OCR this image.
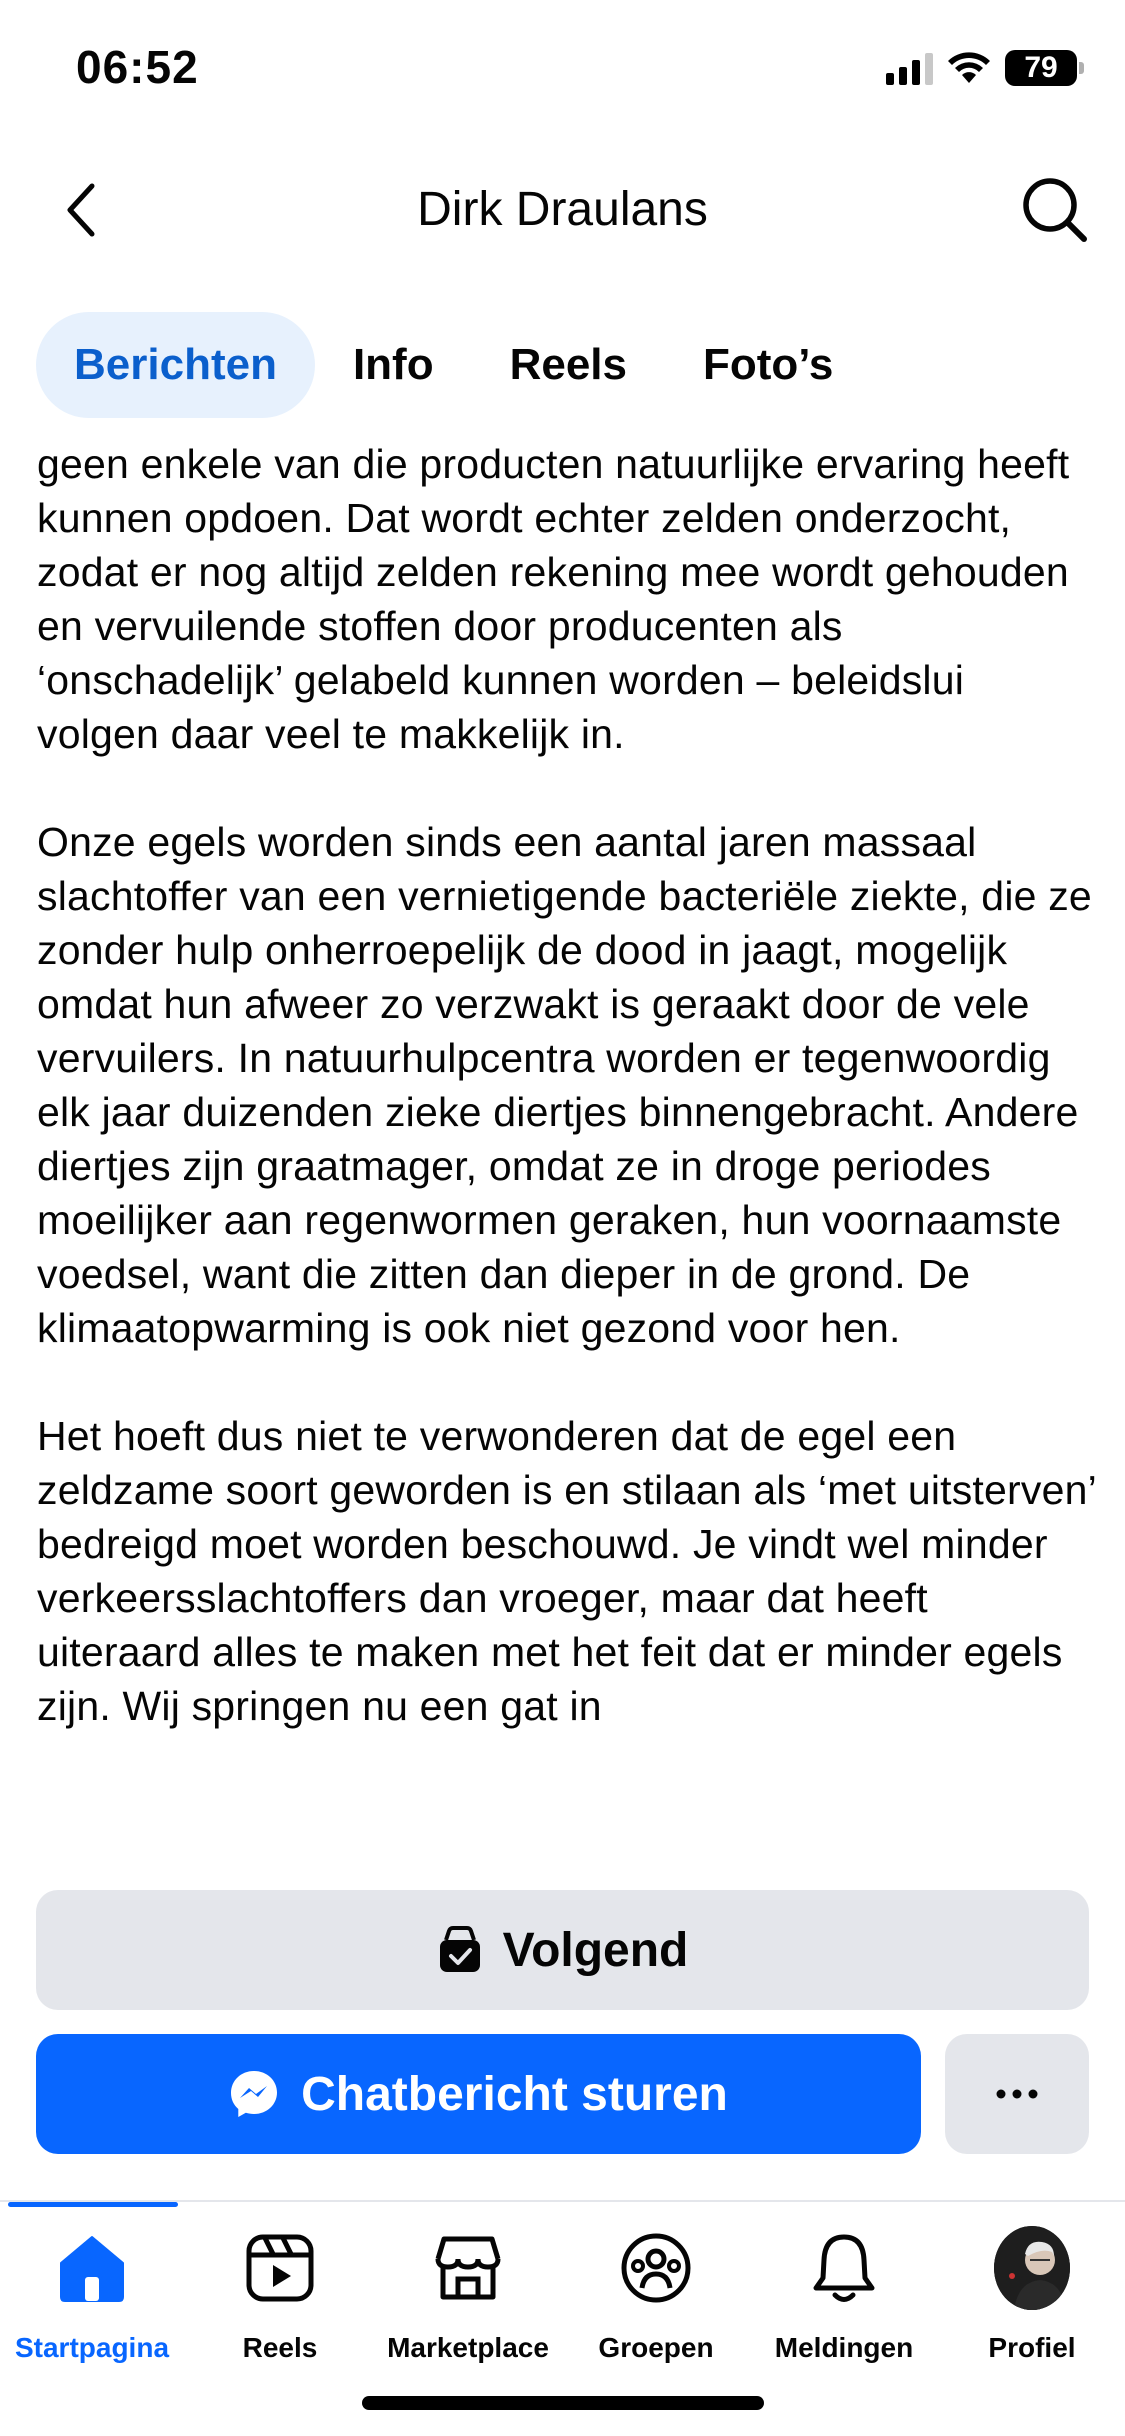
06:52	79
Dirk Draulans
Berichten	Info	Reels	Foto’s

geen enkele van die producten natuurlijke ervaring heeft kunnen opdoen. Dat wordt echter zelden onderzocht, zodat er nog altijd zelden rekening mee wordt gehouden en vervuilende stoffen door producenten als ‘onschadelijk’ gelabeld kunnen worden – beleidslui volgen daar veel te makkelijk in.

Onze egels worden sinds een aantal jaren massaal slachtoffer van een vernietigende bacteriële ziekte, die ze zonder hulp onherroepelijk de dood in jaagt, mogelijk omdat hun afweer zo verzwakt is geraakt door de vele vervuilers. In natuurhulpcentra worden er tegenwoordig elk jaar duizenden zieke diertjes binnengebracht. Andere diertjes zijn graatmager, omdat ze in droge periodes moeilijker aan regenwormen geraken, hun voornaamste voedsel, want die zitten dan dieper in de grond. De klimaatopwarming is ook niet gezond voor hen.

Het hoeft dus niet te verwonderen dat de egel een zeldzame soort geworden is en stilaan als ‘met uitsterven’ bedreigd moet worden beschouwd. Je vindt wel minder verkeersslachtoffers dan vroeger, maar dat heeft uiteraard alles te maken met het feit dat er minder egels zijn. Wij springen nu een gat in

Volgend
Chatbericht sturen
Startpagina	Reels Marketplace Groepen Meldingen	Profiel
